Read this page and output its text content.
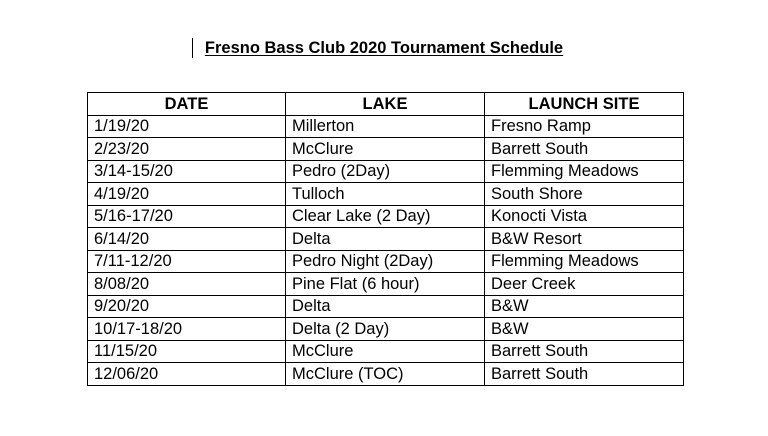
Fresno Bass Club 2020 Tournament Schedule
DATE	LAKE	LAUNCH SITE
1/19/20	Millerton	Fresno Ramp
2/23/20	McClure	Barrett South
3/14-15/20	Pedro (2Day)	Flemming Meadows
4/19/20	Tulloch	South Shore
5/16-17/20	Clear Lake (2 Day)	Konocti Vista
6/14/20	Delta	B&W Resort
7/11-12/20	Pedro Night (2Day)	Flemming Meadows
8/08/20	Pine Flat (6 hour)	Deer Creek
9/20/20	Delta	B&W
10/17-18/20	Delta (2 Day)	B&W
11/15/20	McClure	Barrett South
12/06/20	McClure (TOC)	Barrett South
